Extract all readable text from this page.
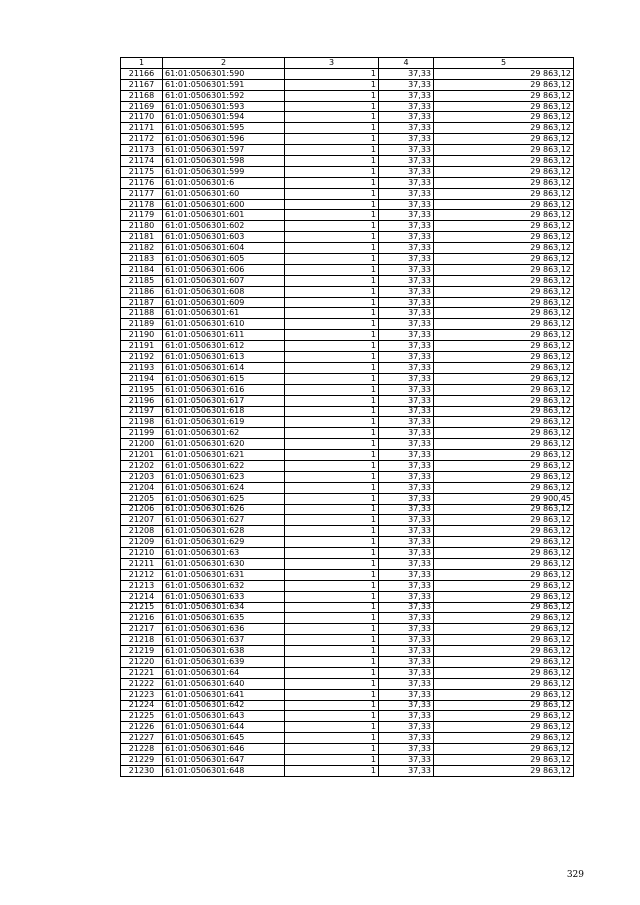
1	2	3	4	5
21166	61:01:0506301:590	1	37,33	29 863,12
21167	61:01:0506301:591	1	37,33	29 863,12
21168	61:01:0506301:592	1	37,33	29 863,12
21169	61:01:0506301:593	1	37,33	29 863,12
21170	61:01:0506301:594	1	37,33	29 863,12
21171	61:01:0506301:595	1	37,33	29 863,12
21172	61:01:0506301:596	1	37,33	29 863,12
21173	61:01:0506301:597	1	37,33	29 863,12
21174	61:01:0506301:598	1	37,33	29 863,12
21175	61:01:0506301:599	1	37,33	29 863,12
21176	61:01:0506301:6	1	37,33	29 863,12
21177	61:01:0506301:60	1	37,33	29 863,12
21178	61:01:0506301:600	1	37,33	29 863,12
21179	61:01:0506301:601	1	37,33	29 863,12
21180	61:01:0506301:602	1	37,33	29 863,12
21181	61:01:0506301:603	1	37,33	29 863,12
21182	61:01:0506301:604	1	37,33	29 863,12
21183	61:01:0506301:605	1	37,33	29 863,12
21184	61:01:0506301:606	1	37,33	29 863,12
21185	61:01:0506301:607	1	37,33	29 863,12
21186	61:01:0506301:608	1	37,33	29 863,12
21187	61:01:0506301:609	1	37,33	29 863,12
21188	61:01:0506301:61	1	37,33	29 863,12
21189	61:01:0506301:610	1	37,33	29 863,12
21190	61:01:0506301:611	1	37,33	29 863,12
21191	61:01:0506301:612	1	37,33	29 863,12
21192	61:01:0506301:613	1	37,33	29 863,12
21193	61:01:0506301:614	1	37,33	29 863,12
21194	61:01:0506301:615	1	37,33	29 863,12
21195	61:01:0506301:616	1	37,33	29 863,12
21196	61:01:0506301:617	1	37,33	29 863,12
21197	61:01:0506301:618	1	37,33	29 863,12
21198	61:01:0506301:619	1	37,33	29 863,12
21199	61:01:0506301:62	1	37,33	29 863,12
21200	61:01:0506301:620	1	37,33	29 863,12
21201	61:01:0506301:621	1	37,33	29 863,12
21202	61:01:0506301:622	1	37,33	29 863,12
21203	61:01:0506301:623	1	37,33	29 863,12
21204	61:01:0506301:624	1	37,33	29 863,12
21205	61:01:0506301:625	1	37,33	29 900,45
21206	61:01:0506301:626	1	37,33	29 863,12
21207	61:01:0506301:627	1	37,33	29 863,12
21208	61:01:0506301:628	1	37,33	29 863,12
21209	61:01:0506301:629	1	37,33	29 863,12
21210	61:01:0506301:63	1	37,33	29 863,12
21211	61:01:0506301:630	1	37,33	29 863,12
21212	61:01:0506301:631	1	37,33	29 863,12
21213	61:01:0506301:632	1	37,33	29 863,12
21214	61:01:0506301:633	1	37,33	29 863,12
21215	61:01:0506301:634	1	37,33	29 863,12
21216	61:01:0506301:635	1	37,33	29 863,12
21217	61:01:0506301:636	1	37,33	29 863,12
21218	61:01:0506301:637	1	37,33	29 863,12
21219	61:01:0506301:638	1	37,33	29 863,12
21220	61:01:0506301:639	1	37,33	29 863,12
21221	61:01:0506301:64	1	37,33	29 863,12
21222	61:01:0506301:640	1	37,33	29 863,12
21223	61:01:0506301:641	1	37,33	29 863,12
21224	61:01:0506301:642	1	37,33	29 863,12
21225	61:01:0506301:643	1	37,33	29 863,12
21226	61:01:0506301:644	1	37,33	29 863,12
21227	61:01:0506301:645	1	37,33	29 863,12
21228	61:01:0506301:646	1	37,33	29 863,12
21229	61:01:0506301:647	1	37,33	29 863,12
21230	61:01:0506301:648	1	37,33	29 863,12
329
